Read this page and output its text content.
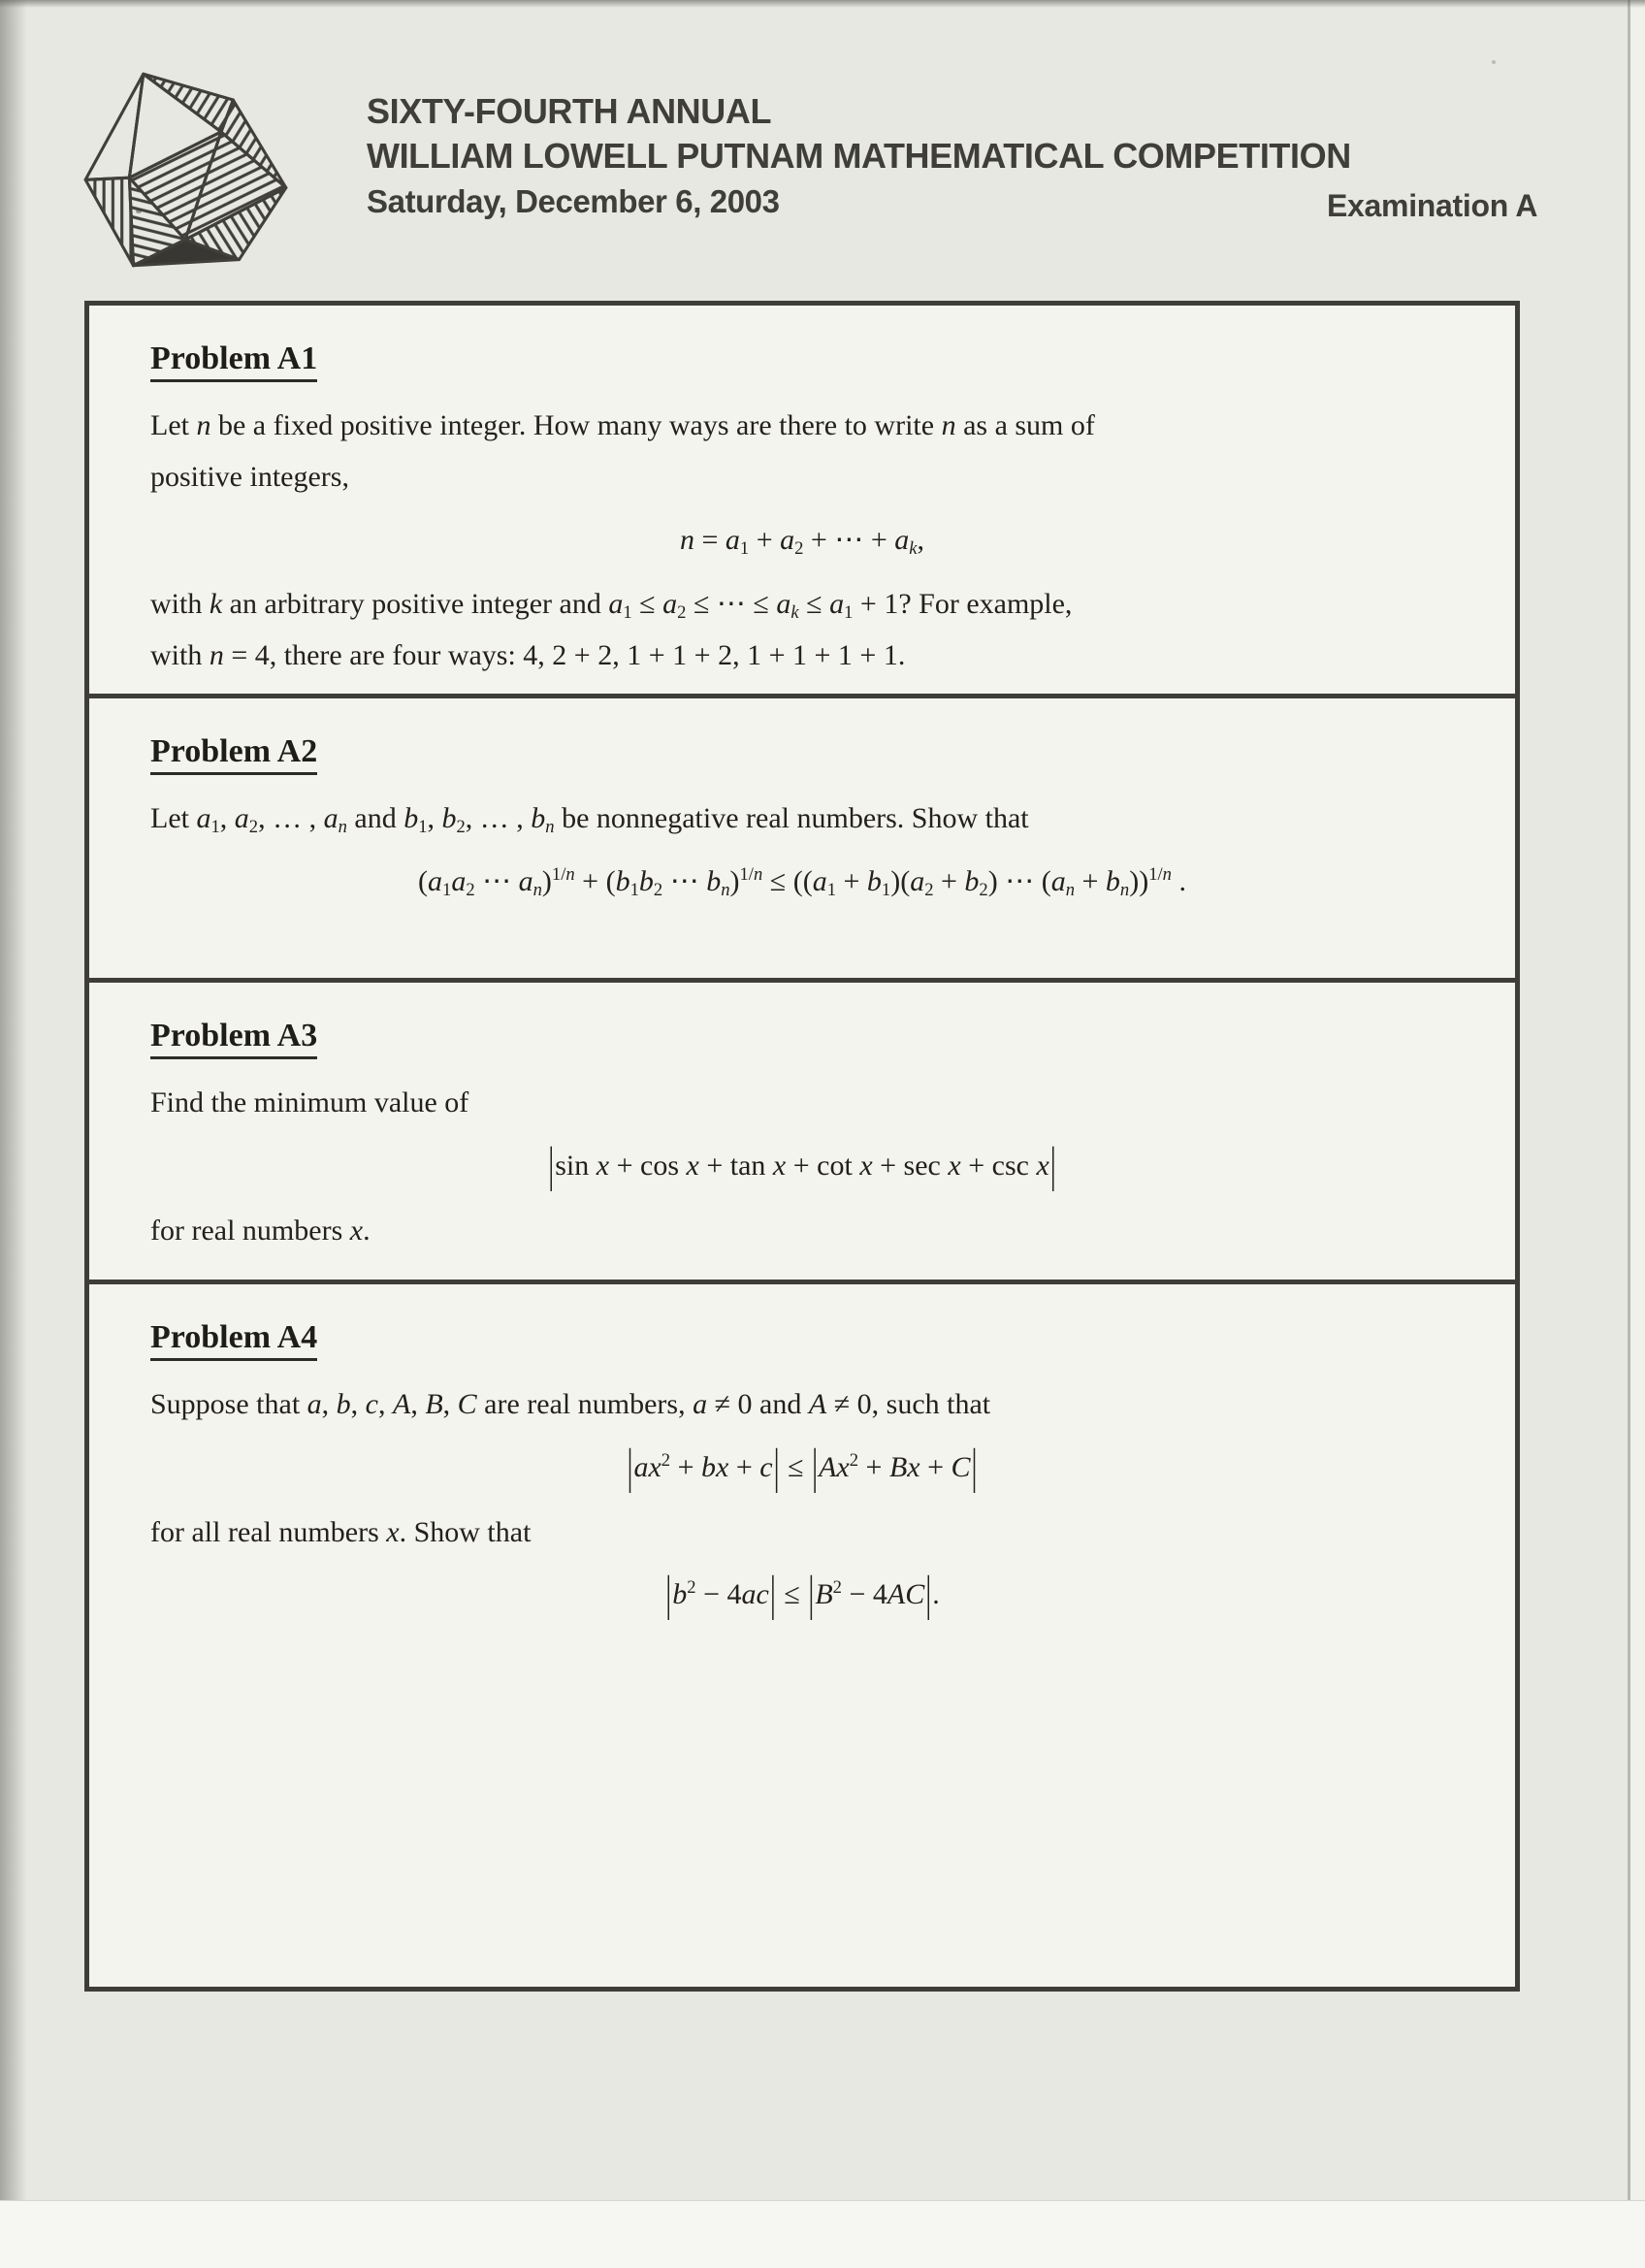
SIXTY-FOURTH ANNUAL
WILLIAM LOWELL PUTNAM MATHEMATICAL COMPETITION
Saturday, December 6, 2003	Examination A
Problem A1
Let n be a fixed positive integer. How many ways are there to write n as a sum of
positive integers,
$n = a_1 + a_2$ + ⋯ + $a_k$,
with k an arbitrary positive integer and $a_1 \le a_2$ ≤ ⋯ ≤ $a_k \le a_1 + 1$? For example,
with n = 4, there are four ways: 4, 2 + 2, 1 + 1 + 2, 1 + 1 + 1 + 1.
Problem A2
Let $a_1$, $a_2$, … , $a_n$ and $b_1$, $b_2$, … , $b_n$ be nonnegative real numbers. Show that
($a_1a_2$ ⋯ $a_n)^{1/n} + (b_1b_2$ ⋯ $b_n)^{1/n} \le ((a_1 + b_1)(a_2 + b_2)$ ⋯ $(a_n + b_n))^{1/n}$ .
Problem A3
Find the minimum value of
|sin x + cos x + tan x + cot x + sec x + csc x|
for real numbers x.
Problem A4
Suppose that a, b, c, A, B, C are real numbers, a ≠ 0 and A ≠ 0, such that
$|ax^2$ + bx + $c| \le |Ax^2 + Bx + C|$
for all real numbers x. Show that
$|b^2 - 4ac| \le |B^2 - 4AC|$.
